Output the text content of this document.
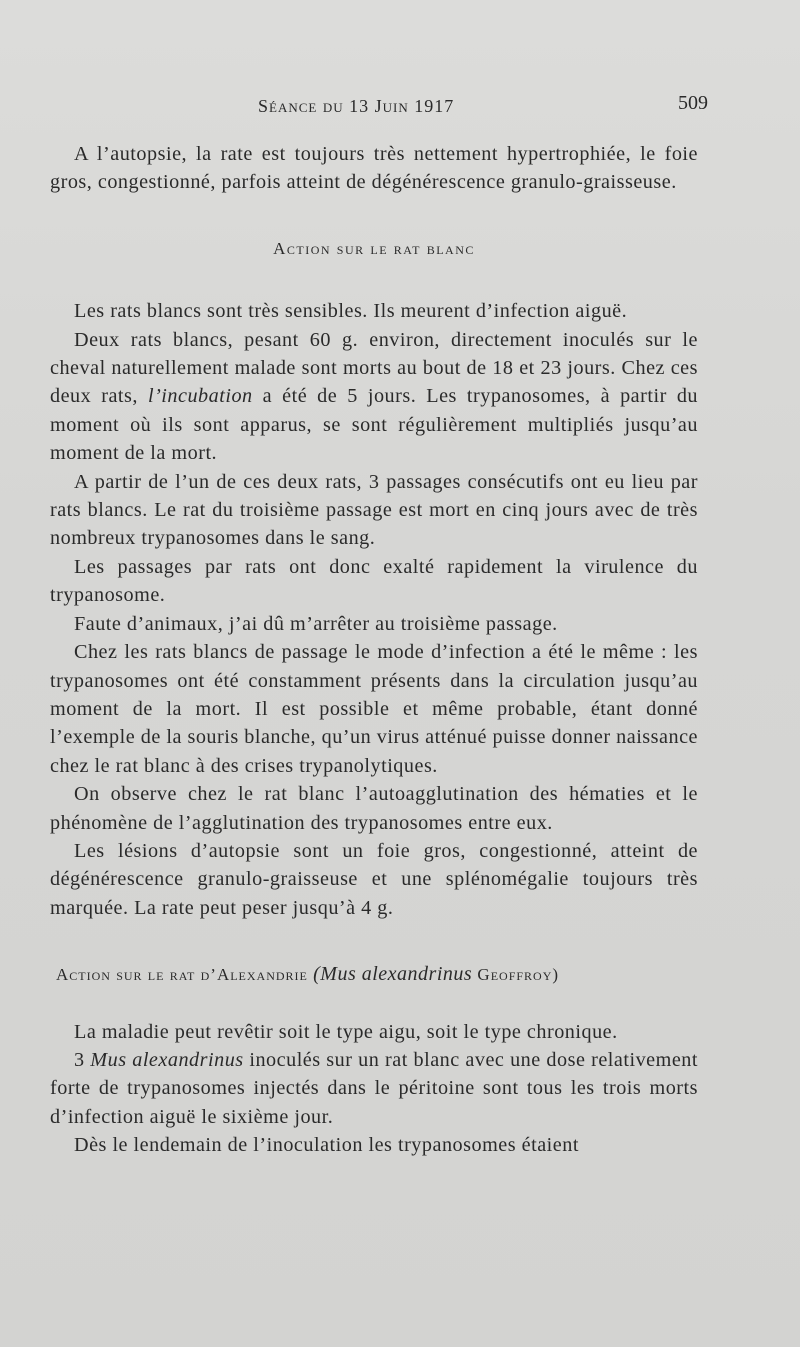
Séance du 13 Juin 1917	509

A l’autopsie, la rate est toujours très nettement hypertrophiée, le foie gros, congestionné, parfois atteint de dégénérescence granulo-graisseuse.

Action sur le rat blanc

Les rats blancs sont très sensibles. Ils meurent d’infection aiguë.

Deux rats blancs, pesant 60 g. environ, directement inoculés sur le cheval naturellement malade sont morts au bout de 18 et 23 jours. Chez ces deux rats, l’incubation a été de 5 jours. Les trypanosomes, à partir du moment où ils sont apparus, se sont régulièrement multipliés jusqu’au moment de la mort.

A partir de l’un de ces deux rats, 3 passages consécutifs ont eu lieu par rats blancs. Le rat du troisième passage est mort en cinq jours avec de très nombreux trypanosomes dans le sang.

Les passages par rats ont donc exalté rapidement la virulence du trypanosome.

Faute d’animaux, j’ai dû m’arrêter au troisième passage.

Chez les rats blancs de passage le mode d’infection a été le même : les trypanosomes ont été constamment présents dans la circulation jusqu’au moment de la mort. Il est possible et même probable, étant donné l’exemple de la souris blanche, qu’un virus atténué puisse donner naissance chez le rat blanc à des crises trypanolytiques.

On observe chez le rat blanc l’autoagglutination des hématies et le phénomène de l’agglutination des trypanosomes entre eux.

Les lésions d’autopsie sont un foie gros, congestionné, atteint de dégénérescence granulo-graisseuse et une splénomégalie toujours très marquée. La rate peut peser jusqu’à 4 g.

Action sur le rat d’Alexandrie (Mus alexandrinus Geoffroy)

La maladie peut revêtir soit le type aigu, soit le type chronique.

3 Mus alexandrinus inoculés sur un rat blanc avec une dose relativement forte de trypanosomes injectés dans le péritoine sont tous les trois morts d’infection aiguë le sixième jour.

Dès le lendemain de l’inoculation les trypanosomes étaient
